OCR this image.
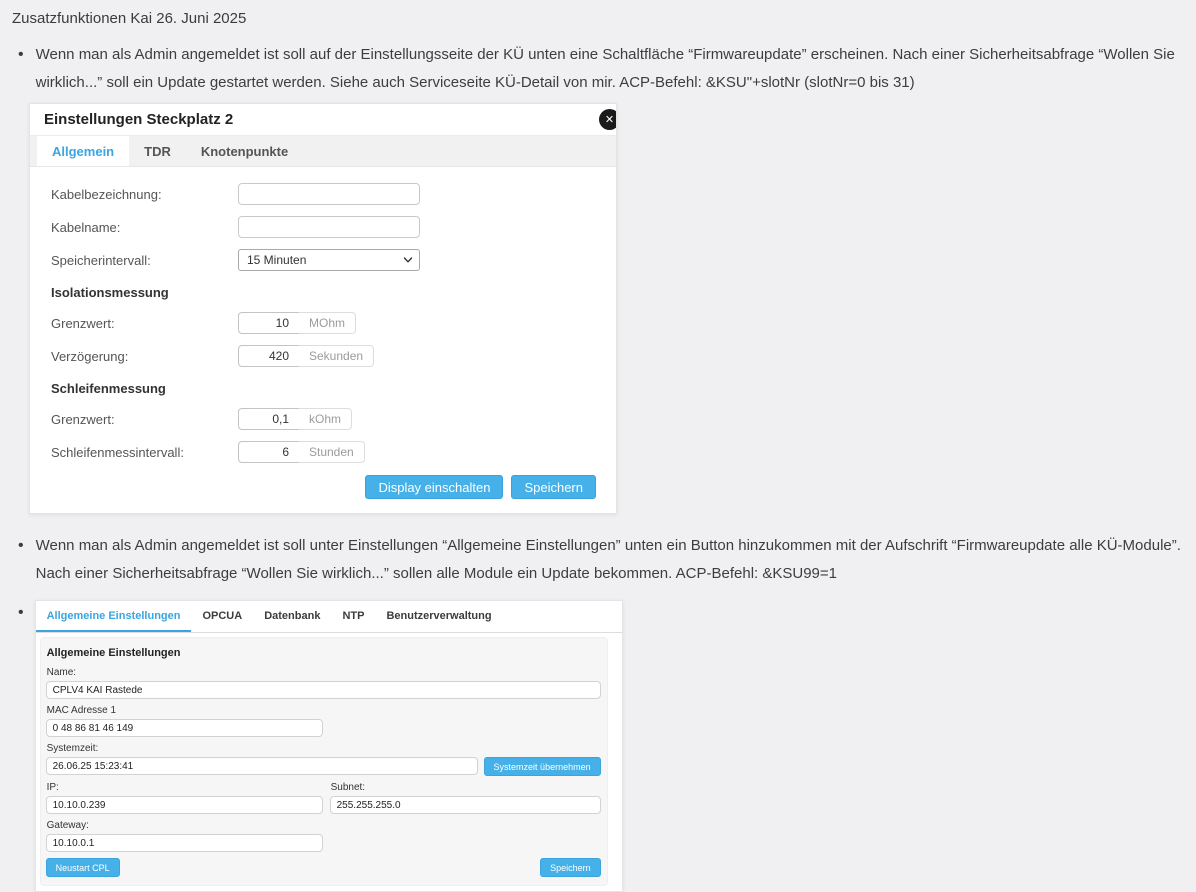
Zusatzfunktionen Kai 26. Juni 2025
• Wenn man als Admin angemeldet ist soll auf der Einstellungsseite der KÜ unten eine Schaltfläche “Firmwareupdate” erscheinen. Nach einer Sicherheitsabfrage “Wollen Sie wirklich...” soll ein Update gestartet werden. Siehe auch Serviceseite KÜ-Detail von mir. ACP-Befehl: &KSU"+slotNr (slotNr=0 bis 31)

Einstellungen Steckplatz 2	✕
Allgemein	TDR	Knotenpunkte
Kabelbezeichnung:
Kabelname:
Speicherintervall:	15 Minuten
Isolationsmessung
Grenzwert:
10	MOhm
Verzögerung:
420	Sekunden
Schleifenmessung
Grenzwert:
0,1	kOhm
Schleifenmessintervall:
6	Stunden
Display einschalten	Speichern
• Wenn man als Admin angemeldet ist soll unter Einstellungen “Allgemeine Einstellungen” unten ein Button hinzukommen mit der Aufschrift “Firmwareupdate alle KÜ-Module”. Nach einer Sicherheitsabfrage “Wollen Sie wirklich...” sollen alle Module ein Update bekommen. ACP-Befehl: &KSU99=1

•	Allgemeine Einstellungen	OPCUA	Datenbank	NTP	Benutzerverwaltung
Allgemeine Einstellungen
Name:
CPLV4 KAI Rastede
MAC Adresse 1
0 48 86 81 46 149
Systemzeit:
26.06.25 15:23:41
Systemzeit übernehmen
IP:
10.10.0.239	Subnet:
255.255.255.0
Gateway:
10.10.0.1
Neustart CPL	Speichern
